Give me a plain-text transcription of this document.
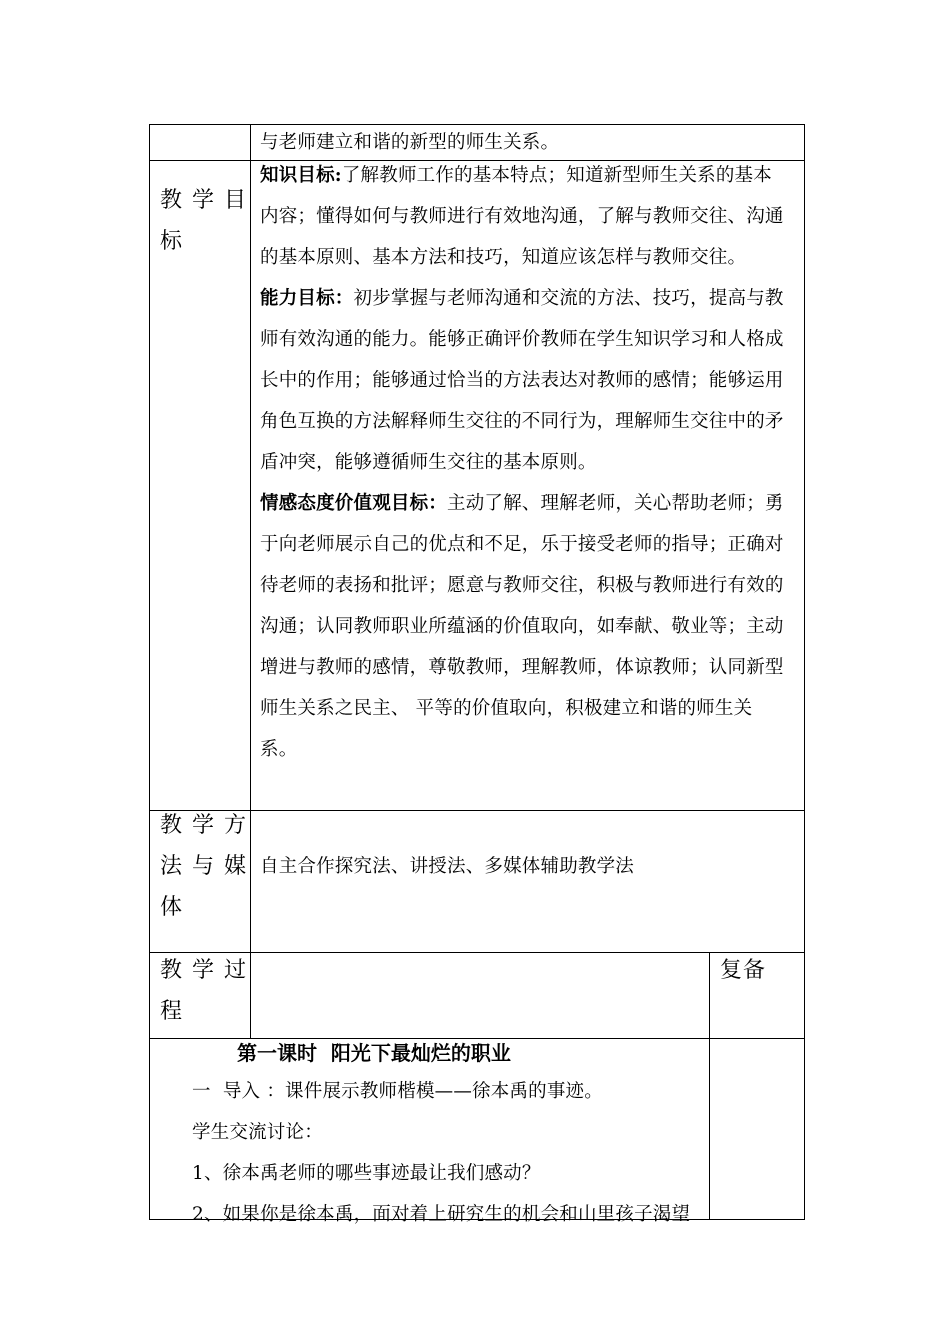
与老师建立和谐的新型的师生关系。
教学目
标
知识目标:了解教师工作的基本特点；知道新型师生关系的基本
内容；懂得如何与教师进行有效地沟通，了解与教师交往、沟通
的基本原则、基本方法和技巧，知道应该怎样与教师交往。
能力目标：初步掌握与老师沟通和交流的方法、技巧，提高与教
师有效沟通的能力。能够正确评价教师在学生知识学习和人格成
长中的作用；能够通过恰当的方法表达对教师的感情；能够运用
角色互换的方法解释师生交往的不同行为，理解师生交往中的矛
盾冲突，能够遵循师生交往的基本原则。
情感态度价值观目标：主动了解、理解老师，关心帮助老师；勇
于向老师展示自己的优点和不足，乐于接受老师的指导；正确对
待老师的表扬和批评；愿意与教师交往，积极与教师进行有效的
沟通；认同教师职业所蕴涵的价值取向，如奉献、敬业等；主动
增进与教师的感情，尊敬教师，理解教师，体谅教师；认同新型
师生关系之民主、 平等的价值取向，积极建立和谐的师生关
系。
教学方
法与媒
体
自主合作探究法、讲授法、多媒体辅助教学法
教学过
程
复备
第一课时  阳光下最灿烂的职业
一  导入 ：课件展示教师楷模——徐本禹的事迹。
学生交流讨论：
1、徐本禹老师的哪些事迹最让我们感动？
2、如果你是徐本禹，面对着上研究生的机会和山里孩子渴望
